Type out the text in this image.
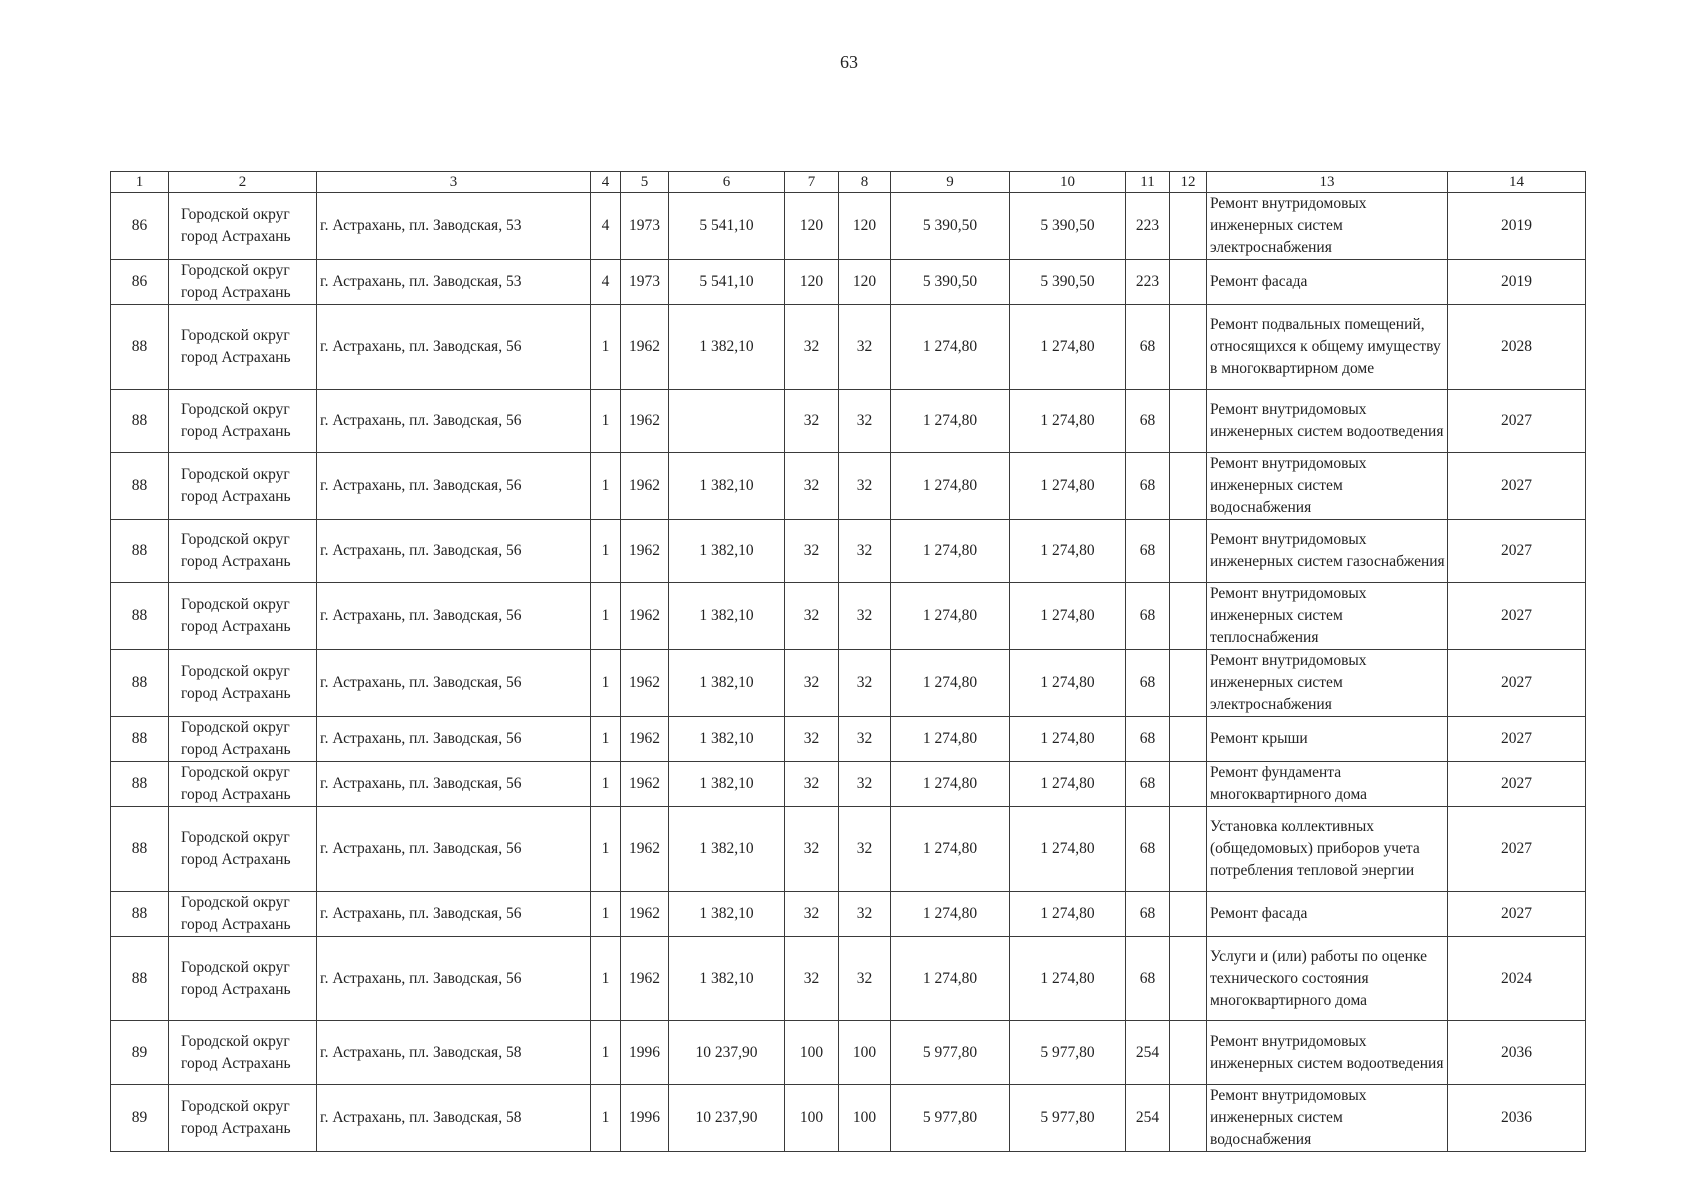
63
1	2	3	4	5	6	7	8	9	10	11	12	13	14
86	Городской округ город Астрахань	г. Астрахань, пл. Заводская, 53	4	1973	5 541,10	120	120	5 390,50	5 390,50	223		Ремонт внутридомовых инженерных систем электроснабжения	2019
86	Городской округ город Астрахань	г. Астрахань, пл. Заводская, 53	4	1973	5 541,10	120	120	5 390,50	5 390,50	223		Ремонт фасада	2019
88	Городской округ город Астрахань	г. Астрахань, пл. Заводская, 56	1	1962	1 382,10	32	32	1 274,80	1 274,80	68		Ремонт подвальных помещений, относящихся к общему имуществу в многоквартирном доме	2028
88	Городской округ город Астрахань	г. Астрахань, пл. Заводская, 56	1	1962		32	32	1 274,80	1 274,80	68		Ремонт внутридомовых инженерных систем водоотведения	2027
88	Городской округ город Астрахань	г. Астрахань, пл. Заводская, 56	1	1962	1 382,10	32	32	1 274,80	1 274,80	68		Ремонт внутридомовых инженерных систем водоснабжения	2027
88	Городской округ город Астрахань	г. Астрахань, пл. Заводская, 56	1	1962	1 382,10	32	32	1 274,80	1 274,80	68		Ремонт внутридомовых инженерных систем газоснабжения	2027
88	Городской округ город Астрахань	г. Астрахань, пл. Заводская, 56	1	1962	1 382,10	32	32	1 274,80	1 274,80	68		Ремонт внутридомовых инженерных систем теплоснабжения	2027
88	Городской округ город Астрахань	г. Астрахань, пл. Заводская, 56	1	1962	1 382,10	32	32	1 274,80	1 274,80	68		Ремонт внутридомовых инженерных систем электроснабжения	2027
88	Городской округ город Астрахань	г. Астрахань, пл. Заводская, 56	1	1962	1 382,10	32	32	1 274,80	1 274,80	68		Ремонт крыши	2027
88	Городской округ город Астрахань	г. Астрахань, пл. Заводская, 56	1	1962	1 382,10	32	32	1 274,80	1 274,80	68		Ремонт фундамента многоквартирного дома	2027
88	Городской округ город Астрахань	г. Астрахань, пл. Заводская, 56	1	1962	1 382,10	32	32	1 274,80	1 274,80	68		Установка коллективных (общедомовых) приборов учета потребления тепловой энергии	2027
88	Городской округ город Астрахань	г. Астрахань, пл. Заводская, 56	1	1962	1 382,10	32	32	1 274,80	1 274,80	68		Ремонт фасада	2027
88	Городской округ город Астрахань	г. Астрахань, пл. Заводская, 56	1	1962	1 382,10	32	32	1 274,80	1 274,80	68		Услуги и (или) работы по оценке технического состояния многоквартирного дома	2024
89	Городской округ город Астрахань	г. Астрахань, пл. Заводская, 58	1	1996	10 237,90	100	100	5 977,80	5 977,80	254		Ремонт внутридомовых инженерных систем водоотведения	2036
89	Городской округ город Астрахань	г. Астрахань, пл. Заводская, 58	1	1996	10 237,90	100	100	5 977,80	5 977,80	254		Ремонт внутридомовых инженерных систем водоснабжения	2036
